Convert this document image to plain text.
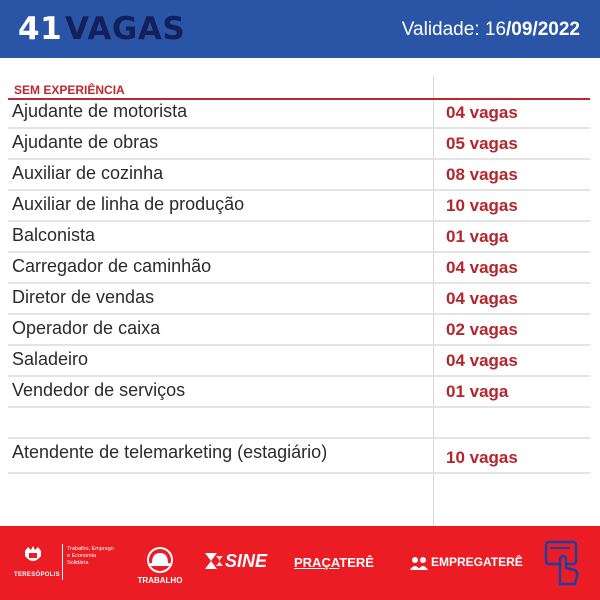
41 VAGAS	Validade: 16/09/2022
SEM EXPERIÊNCIA
Ajudante de motorista	04 vagas
Ajudante de obras	05 vagas
Auxiliar de cozinha	08 vagas
Auxiliar de linha de produção	10 vagas
Balconista	01 vaga
Carregador de caminhão	04 vagas
Diretor de vendas	04 vagas
Operador de caixa	02 vagas
Saladeiro	04 vagas
Vendedor de serviços	01 vaga
Atendente de telemarketing (estagiário)	10 vagas
TERESÓPOLIS
Trabalho, Emprego
e Economia
Solidária
TRABALHO
SINE PRAÇATERÊ	EMPREGATERÊ
